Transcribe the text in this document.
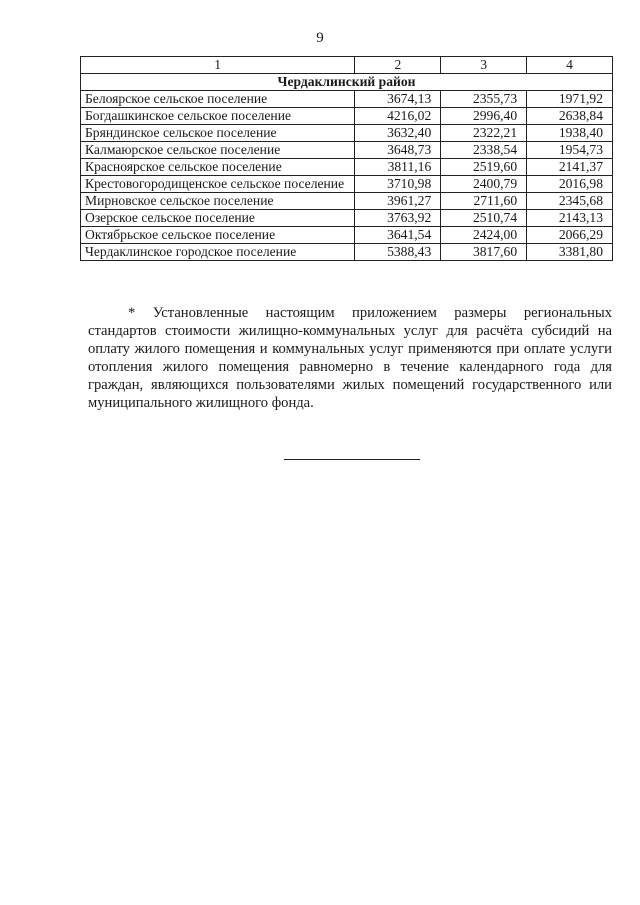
9
1	2	3	4
Чердаклинский район			
Белоярское сельское поселение	3674,13	2355,73	1971,92
Богдашкинское сельское поселение	4216,02	2996,40	2638,84
Бряндинское сельское поселение	3632,40	2322,21	1938,40
Калмаюрское сельское поселение	3648,73	2338,54	1954,73
Красноярское сельское поселение	3811,16	2519,60	2141,37
Крестовогородищенское сельское поселение	3710,98	2400,79	2016,98
Мирновское сельское поселение	3961,27	2711,60	2345,68
Озерское сельское поселение	3763,92	2510,74	2143,13
Октябрьское сельское поселение	3641,54	2424,00	2066,29
Чердаклинское городское поселение	5388,43	3817,60	3381,80

* Установленные настоящим приложением размеры региональных стандартов стоимости жилищно-коммунальных услуг для расчёта субсидий на оплату жилого помещения и коммунальных услуг применяются при оплате услуги отопления жилого помещения равномерно в течение календарного года для граждан, являющихся пользователями жилых помещений государственного или муниципального жилищного фонда.
